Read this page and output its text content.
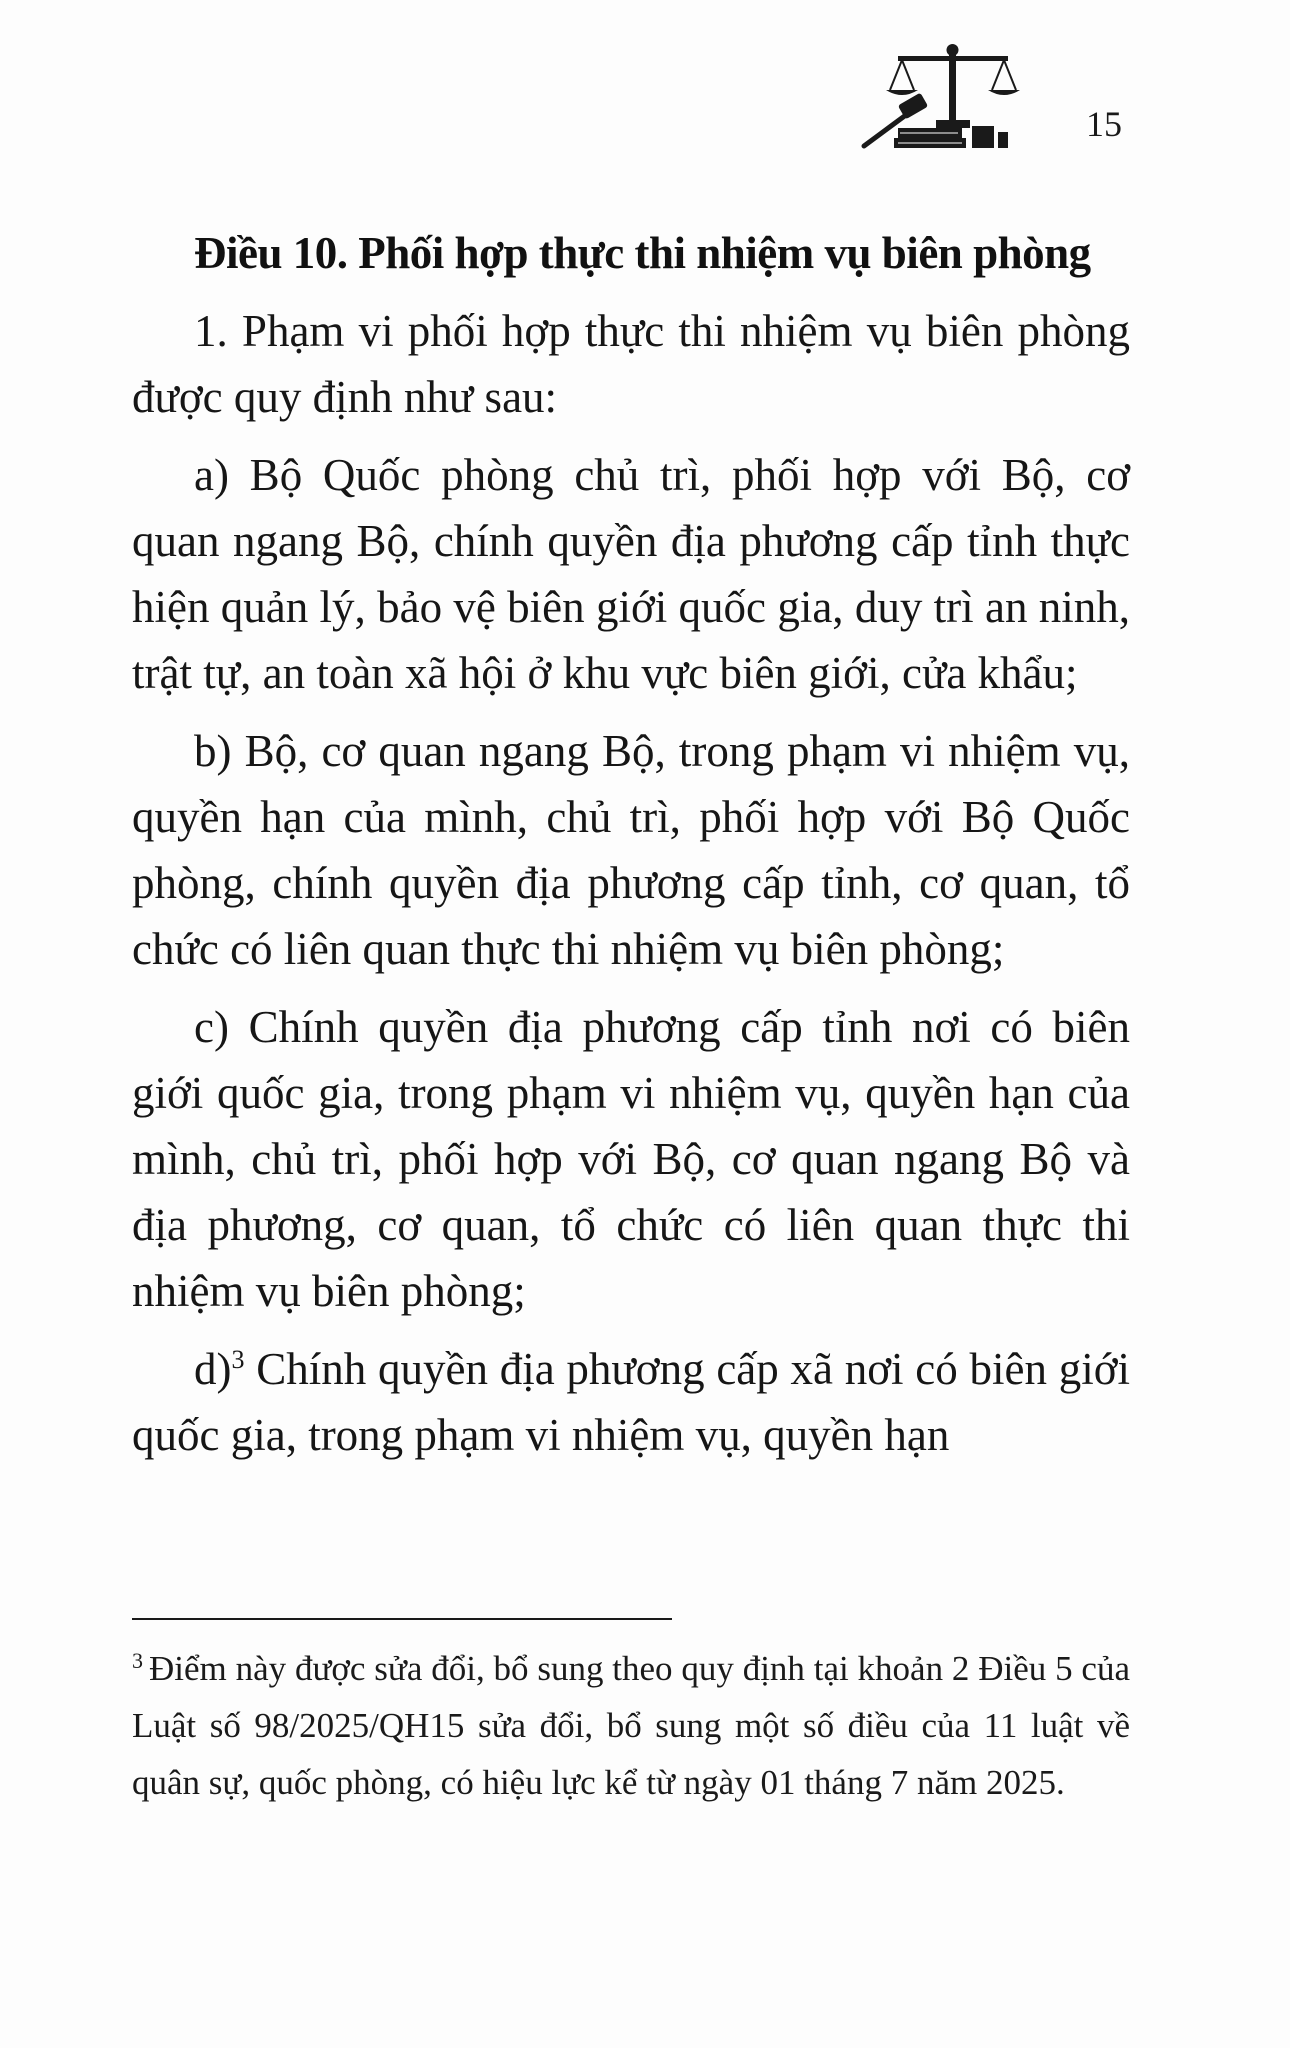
15

Điều 10. Phối hợp thực thi nhiệm vụ biên phòng

1. Phạm vi phối hợp thực thi nhiệm vụ biên phòng được quy định như sau:

a) Bộ Quốc phòng chủ trì, phối hợp với Bộ, cơ quan ngang Bộ, chính quyền địa phương cấp tỉnh thực hiện quản lý, bảo vệ biên giới quốc gia, duy trì an ninh, trật tự, an toàn xã hội ở khu vực biên giới, cửa khẩu;

b) Bộ, cơ quan ngang Bộ, trong phạm vi nhiệm vụ, quyền hạn của mình, chủ trì, phối hợp với Bộ Quốc phòng, chính quyền địa phương cấp tỉnh, cơ quan, tổ chức có liên quan thực thi nhiệm vụ biên phòng;

c) Chính quyền địa phương cấp tỉnh nơi có biên giới quốc gia, trong phạm vi nhiệm vụ, quyền hạn của mình, chủ trì, phối hợp với Bộ, cơ quan ngang Bộ và địa phương, cơ quan, tổ chức có liên quan thực thi nhiệm vụ biên phòng;

d)$^3$ Chính quyền địa phương cấp xã nơi có biên giới quốc gia, trong phạm vi nhiệm vụ, quyền hạn

$^3$ Điểm này được sửa đổi, bổ sung theo quy định tại khoản 2 Điều 5 của Luật số 98/2025/QH15 sửa đổi, bổ sung một số điều của 11 luật về quân sự, quốc phòng, có hiệu lực kể từ ngày 01 tháng 7 năm 2025.
